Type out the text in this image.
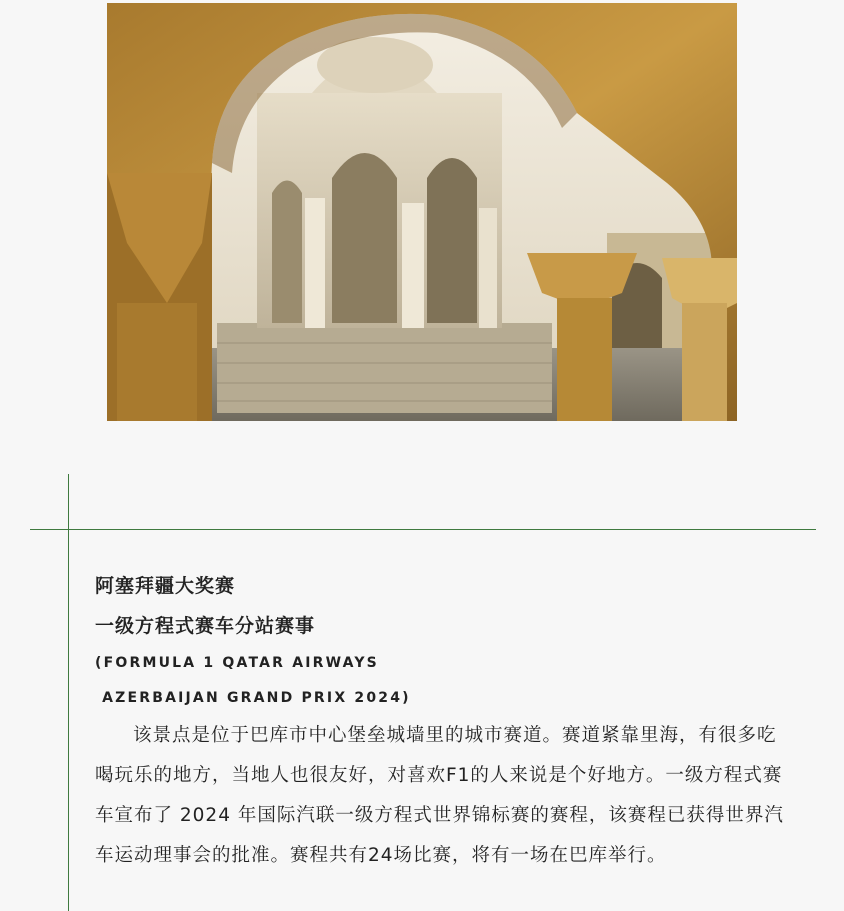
阿塞拜疆大奖赛

一级方程式赛车分站赛事

(FORMULA 1 QATAR AIRWAYS

AZERBAIJAN GRAND PRIX 2024)

该景点是位于巴库市中心堡垒城墙里的城市赛道。赛道紧靠里海，有很多吃喝玩乐的地方，当地人也很友好，对喜欢F1的人来说是个好地方。一级方程式赛车宣布了 2024 年国际汽联一级方程式世界锦标赛的赛程，该赛程已获得世界汽车运动理事会的批准。赛程共有24场比赛，将有一场在巴库举行。
